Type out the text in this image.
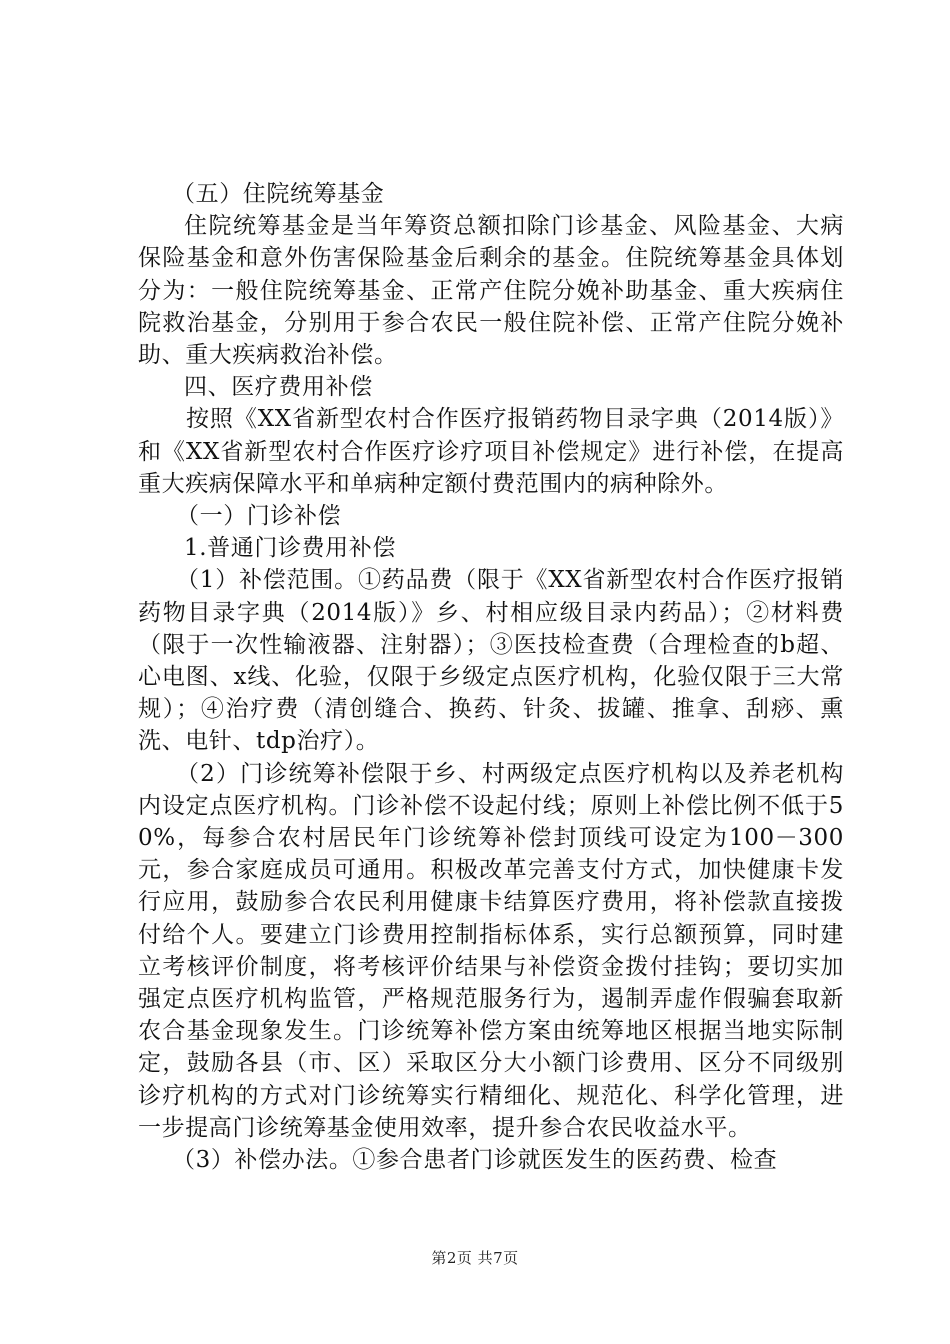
（五）住院统筹基金

住院统筹基金是当年筹资总额扣除门诊基金、风险基金、大病保险基金和意外伤害保险基金后剩余的基金。住院统筹基金具体划分为：一般住院统筹基金、正常产住院分娩补助基金、重大疾病住院救治基金，分别用于参合农民一般住院补偿、正常产住院分娩补助、重大疾病救治补偿。

四、医疗费用补偿

按照《XX省新型农村合作医疗报销药物目录字典（2014版）》和《XX省新型农村合作医疗诊疗项目补偿规定》进行补偿，在提高重大疾病保障水平和单病种定额付费范围内的病种除外。

（一）门诊补偿

1.普通门诊费用补偿

（1）补偿范围。①药品费（限于《XX省新型农村合作医疗报销药物目录字典（2014版）》乡、村相应级目录内药品）；②材料费（限于一次性输液器、注射器）；③医技检查费（合理检查的b超、心电图、x线、化验，仅限于乡级定点医疗机构，化验仅限于三大常规）；④治疗费（清创缝合、换药、针灸、拔罐、推拿、刮痧、熏洗、电针、tdp治疗）。

（2）门诊统筹补偿限于乡、村两级定点医疗机构以及养老机构内设定点医疗机构。门诊补偿不设起付线；原则上补偿比例不低于50%，每参合农村居民年门诊统筹补偿封顶线可设定为100－300元，参合家庭成员可通用。积极改革完善支付方式，加快健康卡发行应用，鼓励参合农民利用健康卡结算医疗费用，将补偿款直接拨付给个人。要建立门诊费用控制指标体系，实行总额预算，同时建立考核评价制度，将考核评价结果与补偿资金拨付挂钩；要切实加强定点医疗机构监管，严格规范服务行为，遏制弄虚作假骗套取新农合基金现象发生。门诊统筹补偿方案由统筹地区根据当地实际制定，鼓励各县（市、区）采取区分大小额门诊费用、区分不同级别诊疗机构的方式对门诊统筹实行精细化、规范化、科学化管理，进一步提高门诊统筹基金使用效率，提升参合农民收益水平。

（3）补偿办法。①参合患者门诊就医发生的医药费、检查

第2页 共7页
